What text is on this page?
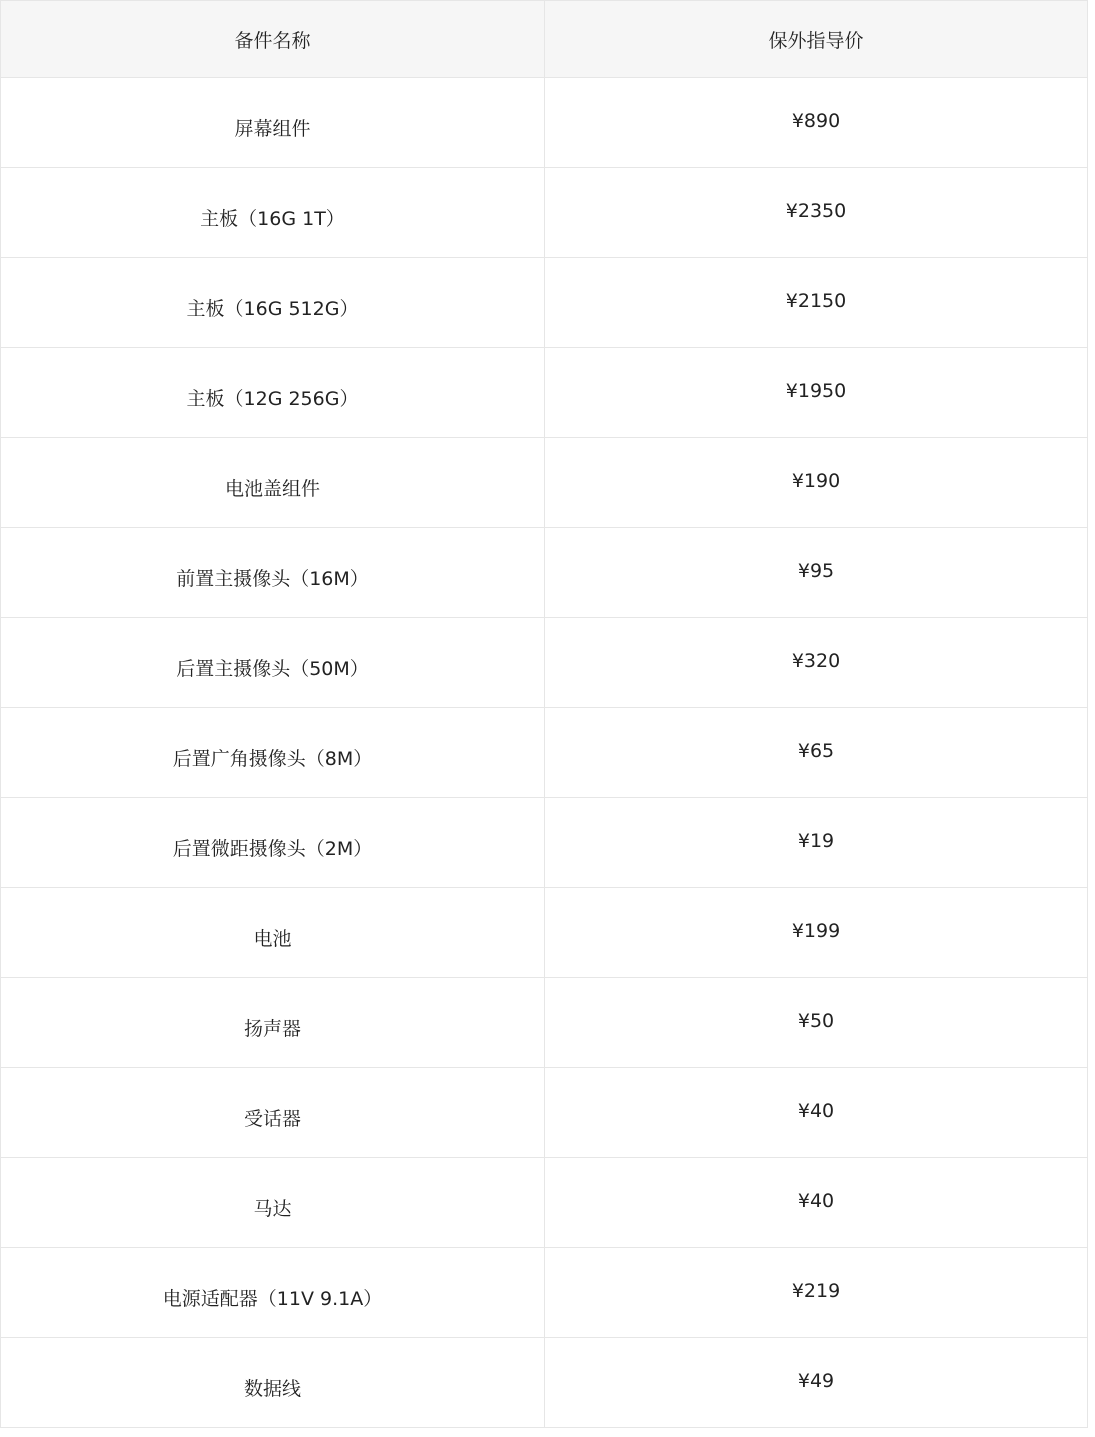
备件名称	保外指导价
屏幕组件	¥890
主板（16G 1T）	¥2350
主板（16G 512G）	¥2150
主板（12G 256G）	¥1950
电池盖组件	¥190
前置主摄像头（16M）	¥95
后置主摄像头（50M）	¥320
后置广角摄像头（8M）	¥65
后置微距摄像头（2M）	¥19
电池	¥199
扬声器	¥50
受话器	¥40
马达	¥40
电源适配器（11V 9.1A）	¥219
数据线	¥49
